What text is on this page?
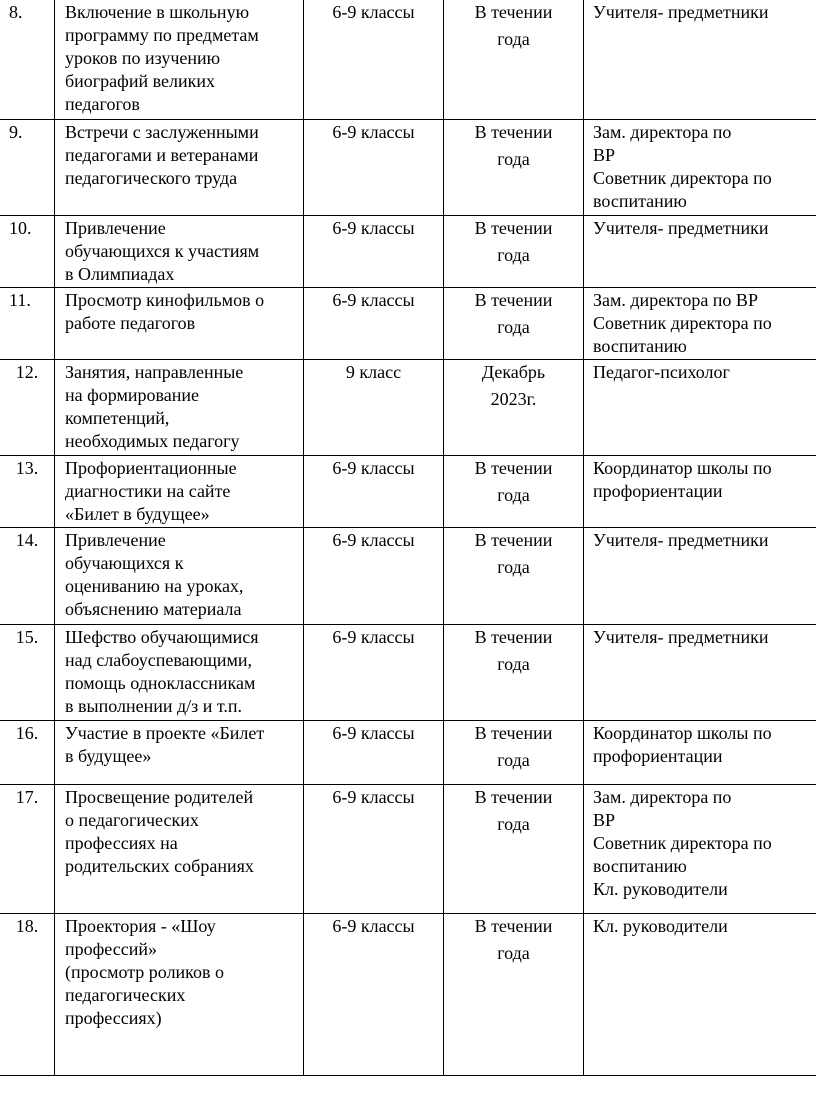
8.	Включение в школьную
программу по предметам
уроков по изучению
биографий великих
педагогов	6-9 классы	В течении
года	Учителя- предметники

9.	Встречи с заслуженными
педагогами и ветеранами
педагогического труда	6-9 классы	В течении
года	Зам. директора по
ВР
Советник директора по
воспитанию

10.	Привлечение
обучающихся к участиям
в Олимпиадах	6-9 классы	В течении
года	Учителя- предметники

11.	Просмотр кинофильмов о
работе педагогов	6-9 классы	В течении
года	Зам. директора по ВР
Советник директора по
воспитанию

12.	Занятия, направленные
на формирование
компетенций,
необходимых педагогу	9 класс	Декабрь
2023г.	Педагог-психолог

13.	Профориентационные
диагностики на сайте
«Билет в будущее»	6-9 классы	В течении
года	Координатор школы по
профориентации

14.	Привлечение
обучающихся к
оцениванию на уроках,
объяснению материала	6-9 классы	В течении
года	Учителя- предметники

15.	Шефство обучающимися
над слабоуспевающими,
помощь одноклассникам
в выполнении д/з и т.п.	6-9 классы	В течении
года	Учителя- предметники

16.	Участие в проекте «Билет
в будущее»	6-9 классы	В течении
года	Координатор школы по
профориентации

17.	Просвещение родителей
о педагогических
профессиях на
родительских собраниях	6-9 классы	В течении
года	Зам. директора по
ВР
Советник директора по
воспитанию
Кл. руководители

18.	Проектория - «Шоу
профессий»
(просмотр роликов о
педагогических
профессиях)	6-9 классы	В течении
года	Кл. руководители
